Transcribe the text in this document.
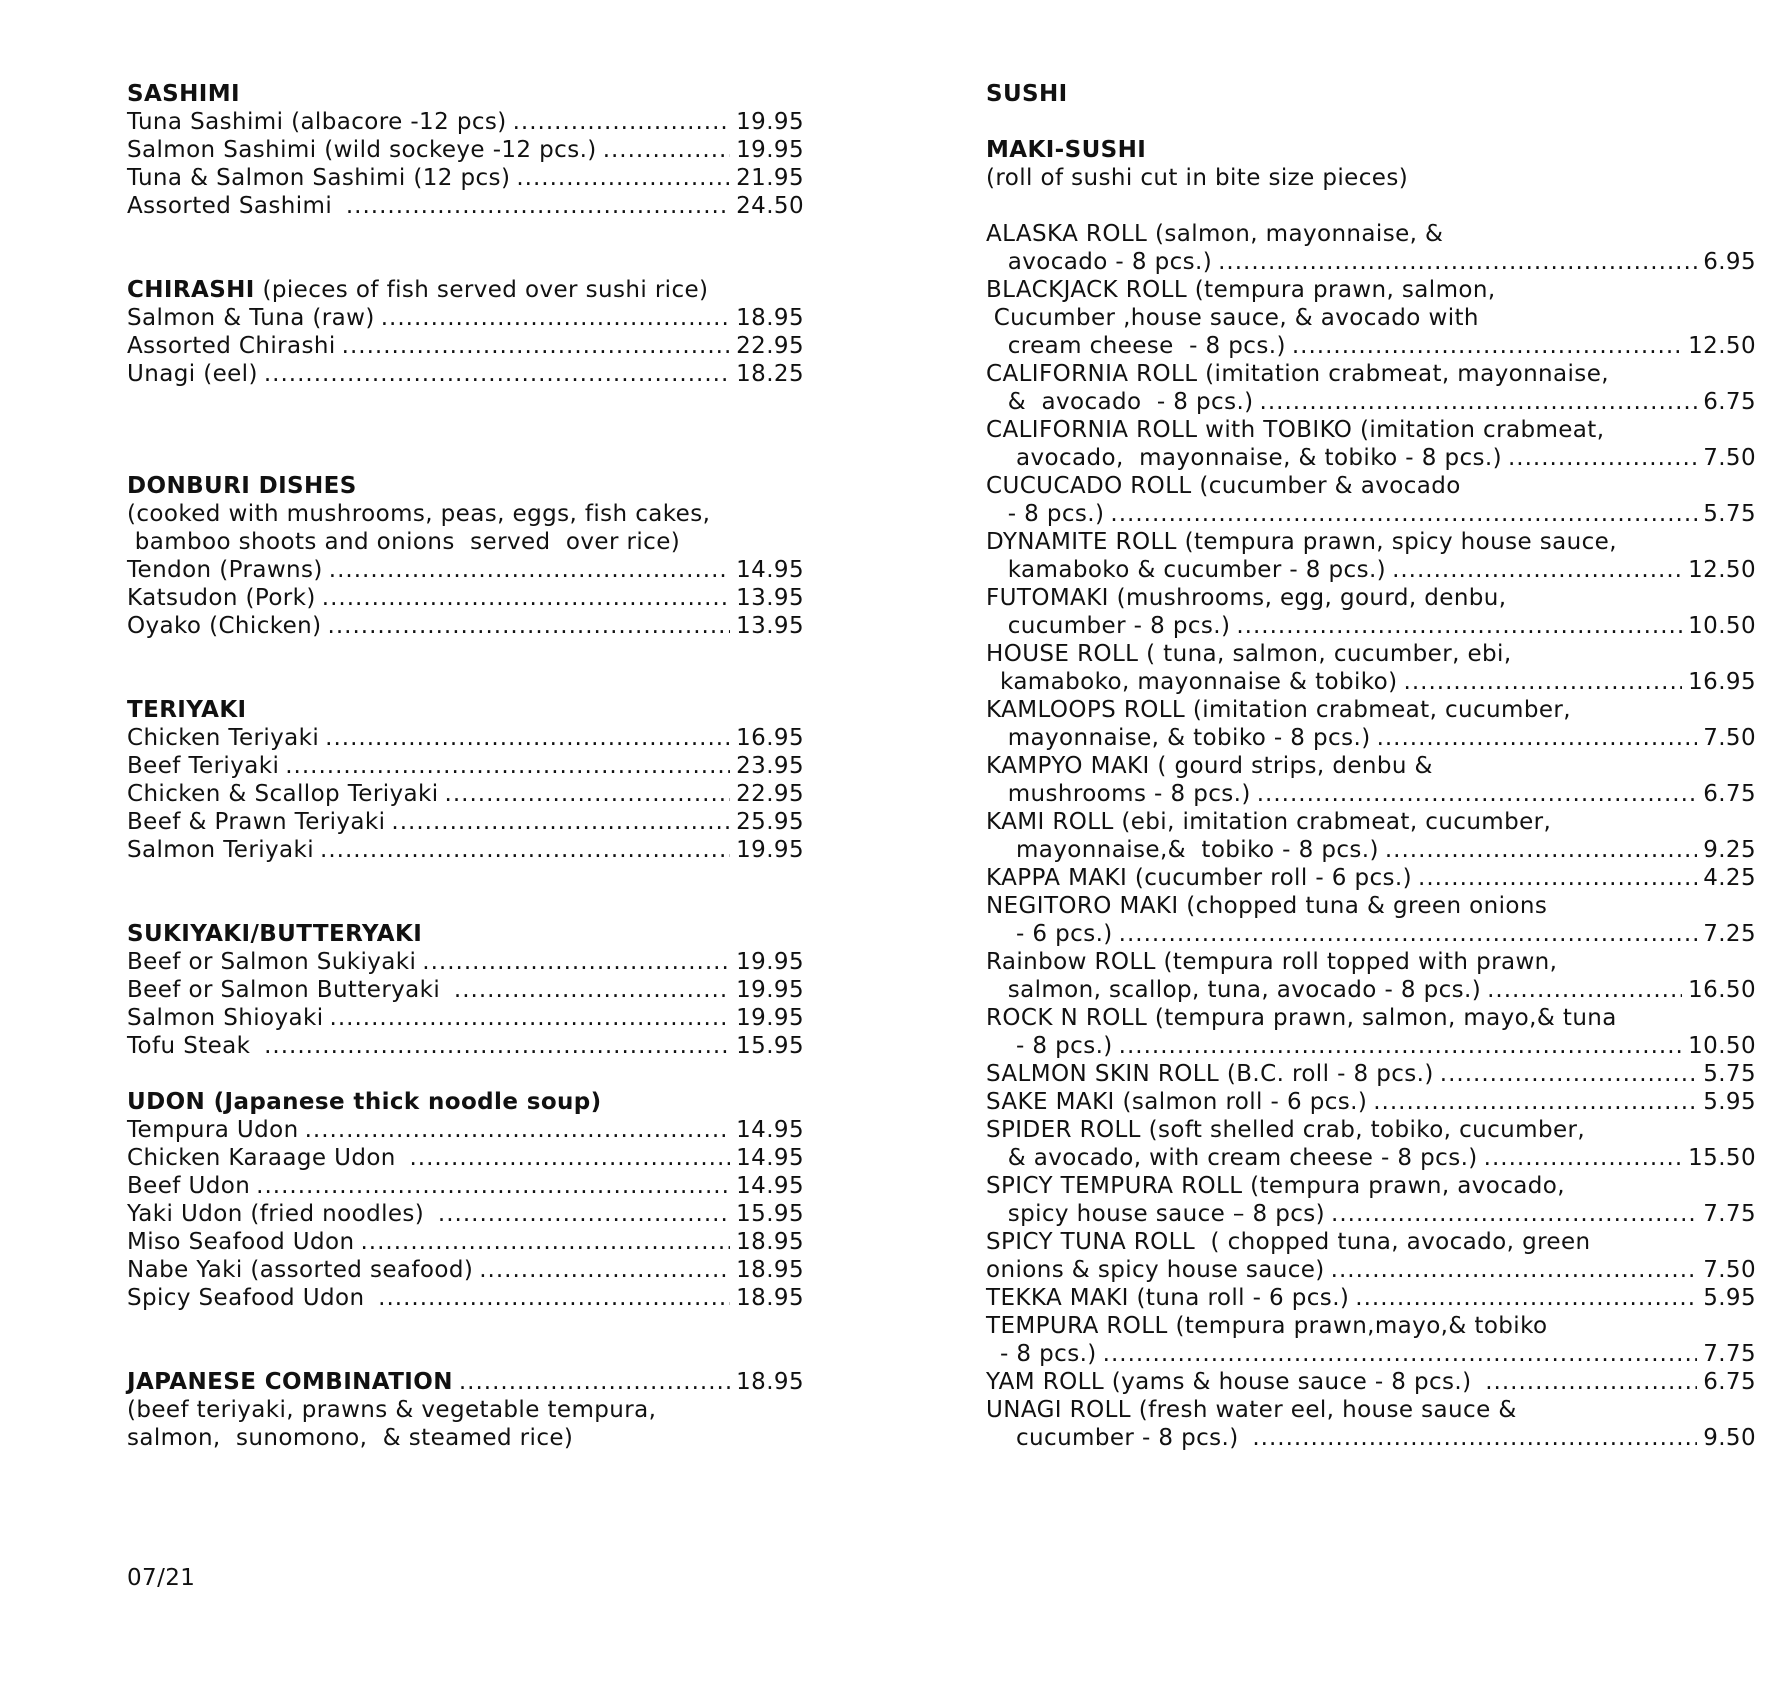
SASHIMI
Tuna Sashimi (albacore -12 pcs) .....	19.95
Salmon Sashimi (wild sockeye -12 pcs.) .....	19.95
Tuna & Salmon Sashimi (12 pcs) .....	21.95
Assorted Sashimi .....	24.50
CHIRASHI (pieces of fish served over sushi rice)
Salmon & Tuna (raw) .....	18.95
Assorted Chirashi .....	22.95
Unagi (eel) .....	18.25
DONBURI DISHES
(cooked with mushrooms, peas, eggs, fish cakes,
bamboo shoots and onions  served  over rice)
Tendon (Prawns) .....	14.95
Katsudon (Pork) .....	13.95
Oyako (Chicken) .....	13.95
TERIYAKI
Chicken Teriyaki .....	16.95
Beef Teriyaki .....	23.95
Chicken & Scallop Teriyaki .....	22.95
Beef & Prawn Teriyaki .....	25.95
Salmon Teriyaki .....	19.95
SUKIYAKI/BUTTERYAKI
Beef or Salmon Sukiyaki .....	19.95
Beef or Salmon Butteryaki .....	19.95
Salmon Shioyaki .....	19.95
Tofu Steak .....	15.95
UDON (Japanese thick noodle soup)
Tempura Udon .....	14.95
Chicken Karaage Udon .....	14.95
Beef Udon .....	14.95
Yaki Udon (fried noodles) .....	15.95
Miso Seafood Udon .....	18.95
Nabe Yaki (assorted seafood) .....	18.95
Spicy Seafood Udon .....	18.95
JAPANESE COMBINATION .....	18.95
(beef teriyaki, prawns & vegetable tempura,
salmon,  sunomono,  & steamed rice)
SUSHI
MAKI-SUSHI
(roll of sushi cut in bite size pieces)
ALASKA ROLL (salmon, mayonnaise, &
avocado - 8 pcs.) .....	6.95
BLACKJACK ROLL (tempura prawn, salmon,
Cucumber ,house sauce, & avocado with
cream cheese  - 8 pcs.) .....	12.50
CALIFORNIA ROLL (imitation crabmeat, mayonnaise,
&  avocado  - 8 pcs.) .....	6.75
CALIFORNIA ROLL with TOBIKO (imitation crabmeat,
avocado,  mayonnaise, & tobiko - 8 pcs.) .....	7.50
CUCUCADO ROLL (cucumber & avocado
- 8 pcs.) .....	5.75
DYNAMITE ROLL (tempura prawn, spicy house sauce,
kamaboko & cucumber - 8 pcs.) .....	12.50
FUTOMAKI (mushrooms, egg, gourd, denbu,
cucumber - 8 pcs.) .....	10.50
HOUSE ROLL ( tuna, salmon, cucumber, ebi,
kamaboko, mayonnaise & tobiko) .....	16.95
KAMLOOPS ROLL (imitation crabmeat, cucumber,
mayonnaise, & tobiko - 8 pcs.) .....	7.50
KAMPYO MAKI ( gourd strips, denbu &
mushrooms - 8 pcs.) .....	6.75
KAMI ROLL (ebi, imitation crabmeat, cucumber,
mayonnaise,&  tobiko - 8 pcs.) .....	9.25
KAPPA MAKI (cucumber roll - 6 pcs.) .....	4.25
NEGITORO MAKI (chopped tuna & green onions
- 6 pcs.) .....	7.25
Rainbow ROLL (tempura roll topped with prawn,
salmon, scallop, tuna, avocado - 8 pcs.) .....	16.50
ROCK N ROLL (tempura prawn, salmon, mayo,& tuna
- 8 pcs.) .....	10.50
SALMON SKIN ROLL (B.C. roll - 8 pcs.) .....	5.75
SAKE MAKI (salmon roll - 6 pcs.) .....	5.95
SPIDER ROLL (soft shelled crab, tobiko, cucumber,
& avocado, with cream cheese - 8 pcs.) .....	15.50
SPICY TEMPURA ROLL (tempura prawn, avocado,
spicy house sauce – 8 pcs) .....	7.75
SPICY TUNA ROLL  ( chopped tuna, avocado, green
onions & spicy house sauce) .....	7.50
TEKKA MAKI (tuna roll - 6 pcs.) .....	5.95
TEMPURA ROLL (tempura prawn,mayo,& tobiko
- 8 pcs.) .....	7.75
YAM ROLL (yams & house sauce - 8 pcs.) .....	6.75
UNAGI ROLL (fresh water eel, house sauce &
cucumber - 8 pcs.) .....	9.50
07/21
